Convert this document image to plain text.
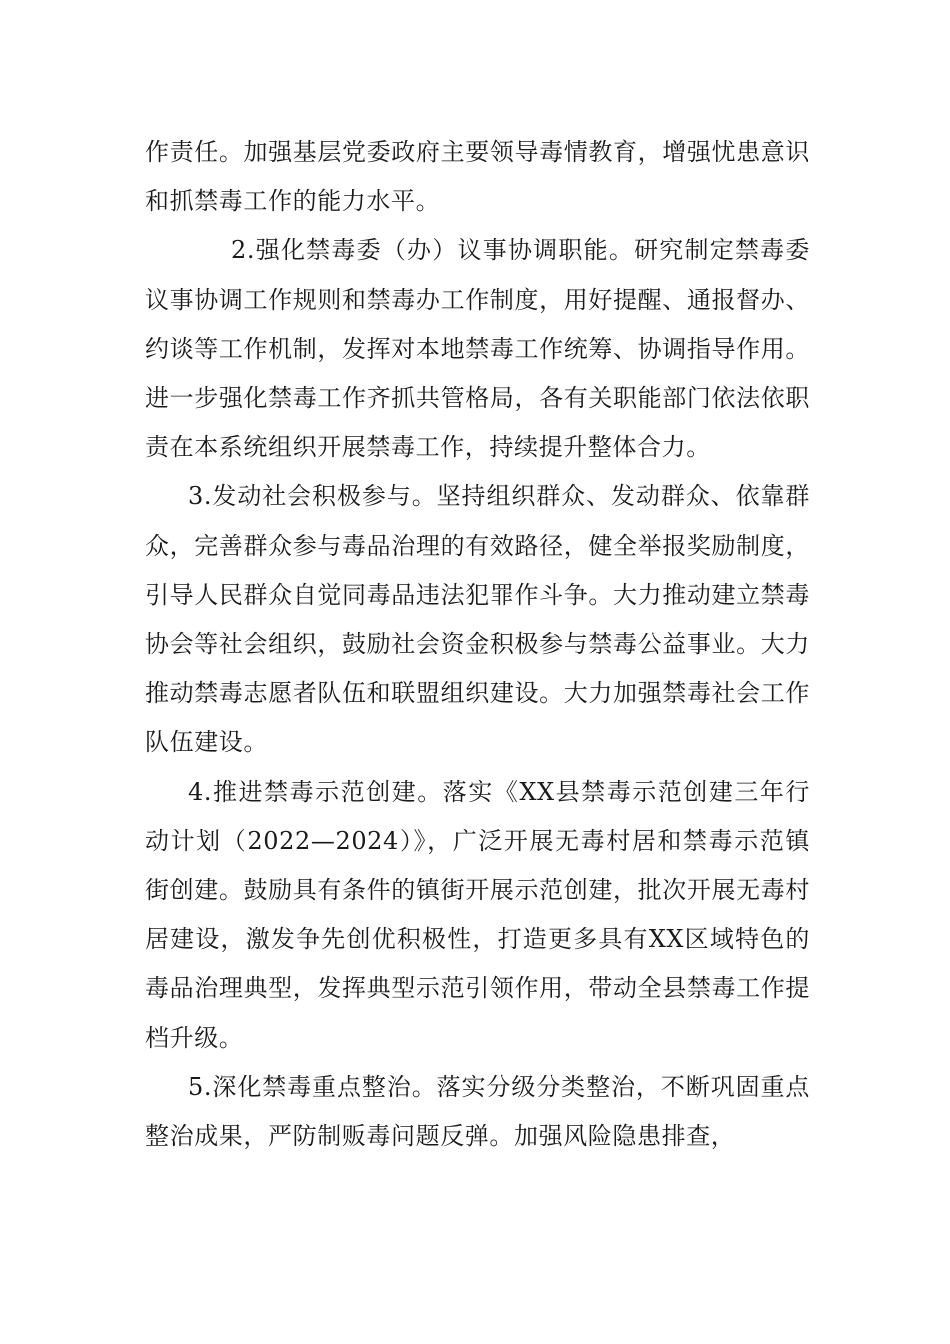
作责任。加强基层党委政府主要领导毒情教育，增强忧患意识和抓禁毒工作的能力水平。

2.强化禁毒委（办）议事协调职能。研究制定禁毒委议事协调工作规则和禁毒办工作制度，用好提醒、通报督办、约谈等工作机制，发挥对本地禁毒工作统筹、协调指导作用。进一步强化禁毒工作齐抓共管格局，各有关职能部门依法依职责在本系统组织开展禁毒工作，持续提升整体合力。

3.发动社会积极参与。坚持组织群众、发动群众、依靠群众，完善群众参与毒品治理的有效路径，健全举报奖励制度，引导人民群众自觉同毒品违法犯罪作斗争。大力推动建立禁毒协会等社会组织，鼓励社会资金积极参与禁毒公益事业。大力推动禁毒志愿者队伍和联盟组织建设。大力加强禁毒社会工作队伍建设。

4.推进禁毒示范创建。落实《XX县禁毒示范创建三年行动计划（2022—2024）》，广泛开展无毒村居和禁毒示范镇街创建。鼓励具有条件的镇街开展示范创建，批次开展无毒村居建设，激发争先创优积极性，打造更多具有XX区域特色的毒品治理典型，发挥典型示范引领作用，带动全县禁毒工作提档升级。

5.深化禁毒重点整治。落实分级分类整治，不断巩固重点整治成果，严防制贩毒问题反弹。加强风险隐患排查，
